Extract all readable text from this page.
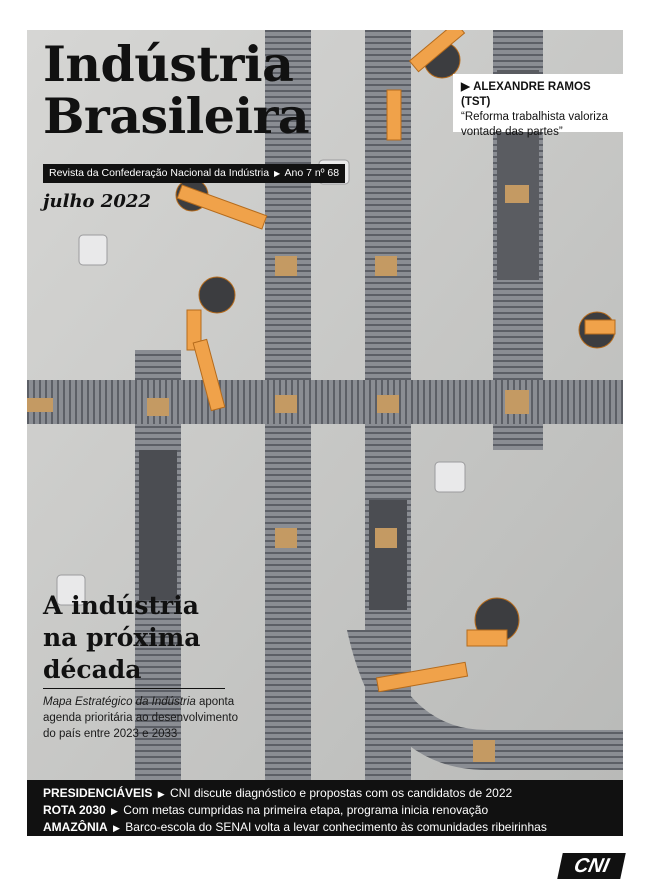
Indústria
Brasileira
Revista da Confederação Nacional da Indústria ▶ Ano 7 nº 68
julho 2022
▶ ALEXANDRE RAMOS (TST)
“Reforma trabalhista valoriza vontade das partes”
A indústria
na próxima
década
Mapa Estratégico da Indústria aponta agenda prioritária ao desenvolvimento do país entre 2023 e 2033
PRESIDENCIÁVEIS ▶ CNI discute diagnóstico e propostas com os candidatos de 2022
ROTA 2030 ▶ Com metas cumpridas na primeira etapa, programa inicia renovação
AMAZÔNIA ▶ Barco-escola do SENAI volta a levar conhecimento às comunidades ribeirinhas
CNI
